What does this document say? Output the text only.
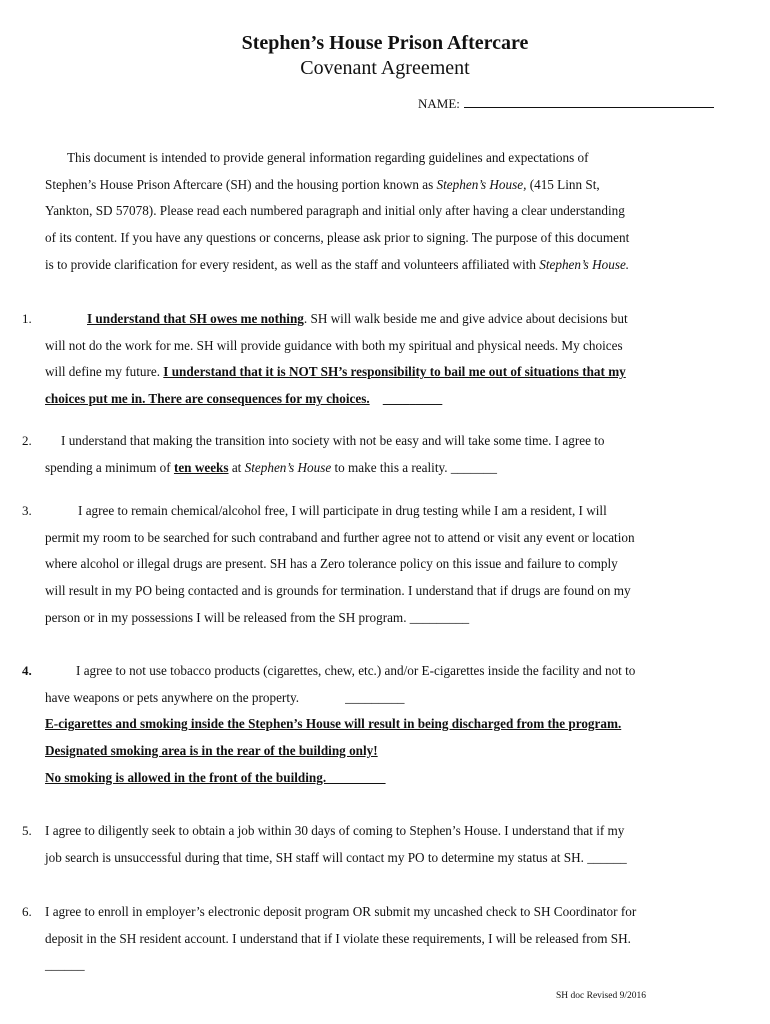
Stephen’s House Prison Aftercare
Covenant Agreement
NAME:
This document is intended to provide general information regarding guidelines and expectations of
Stephen’s House Prison Aftercare (SH) and the housing portion known as Stephen’s House, (415 Linn St,
Yankton, SD 57078). Please read each numbered paragraph and initial only after having a clear understanding
of its content. If you have any questions or concerns, please ask prior to signing. The purpose of this document
is to provide clarification for every resident, as well as the staff and volunteers affiliated with Stephen’s House.
1.	I understand that SH owes me nothing. SH will walk beside me and give advice about decisions but
will not do the work for me. SH will provide guidance with both my spiritual and physical needs. My choices
will define my future. I understand that it is NOT SH’s responsibility to bail me out of situations that my
choices put me in. There are consequences for my choices.    _________
2.	I understand that making the transition into society with not be easy and will take some time. I agree to
spending a minimum of ten weeks at Stephen’s House to make this a reality. _______
3.	I agree to remain chemical/alcohol free, I will participate in drug testing while I am a resident, I will
permit my room to be searched for such contraband and further agree not to attend or visit any event or location
where alcohol or illegal drugs are present. SH has a Zero tolerance policy on this issue and failure to comply
will result in my PO being contacted and is grounds for termination. I understand that if drugs are found on my
person or in my possessions I will be released from the SH program. _________
4.	I agree to not use tobacco products (cigarettes, chew, etc.) and/or E-cigarettes inside the facility and not to
have weapons or pets anywhere on the property.              _________
E-cigarettes and smoking inside the Stephen’s House will result in being discharged from the program.
Designated smoking area is in the rear of the building only!
No smoking is allowed in the front of the building.  ________
5. I agree to diligently seek to obtain a job within 30 days of coming to Stephen’s House. I understand that if my
job search is unsuccessful during that time, SH staff will contact my PO to determine my status at SH. ______
6. I agree to enroll in employer’s electronic deposit program OR submit my uncashed check to SH Coordinator for
deposit in the SH resident account. I understand that if I violate these requirements, I will be released from SH.
______
SH doc Revised 9/2016
